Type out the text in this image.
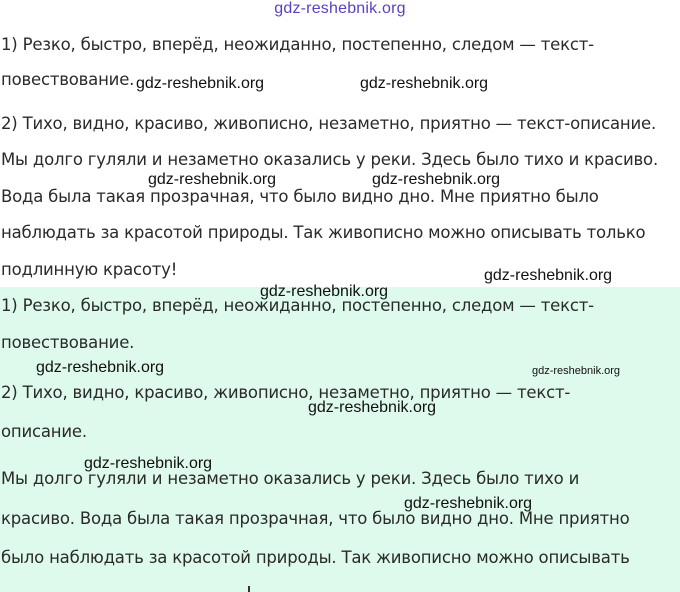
gdz-reshebnik.org

1) Резко, быстро, вперёд, неожиданно, постепенно, следом — текст-

повествование.

2) Тихо, видно, красиво, живописно, незаметно, приятно — текст-описание.

Мы долго гуляли и незаметно оказались у реки. Здесь было тихо и красиво.

Вода была такая прозрачная, что было видно дно. Мне приятно было

наблюдать за красотой природы. Так живописно можно описывать только

подлинную красоту!

1) Резко, быстро, вперёд, неожиданно, постепенно, следом — текст-

повествование.

2) Тихо, видно, красиво, живописно, незаметно, приятно — текст-

описание.

Мы долго гуляли и незаметно оказались у реки. Здесь было тихо и

красиво. Вода была такая прозрачная, что было видно дно. Мне приятно

было наблюдать за красотой природы. Так живописно можно описывать

gdz-reshebnik.org	gdz-reshebnik.org
gdz-reshebnik.org	gdz-reshebnik.org
gdz-reshebnik.org
gdz-reshebnik.org
gdz-reshebnik.org	gdz-reshebnik.org
gdz-reshebnik.org
gdz-reshebnik.org
gdz-reshebnik.org
